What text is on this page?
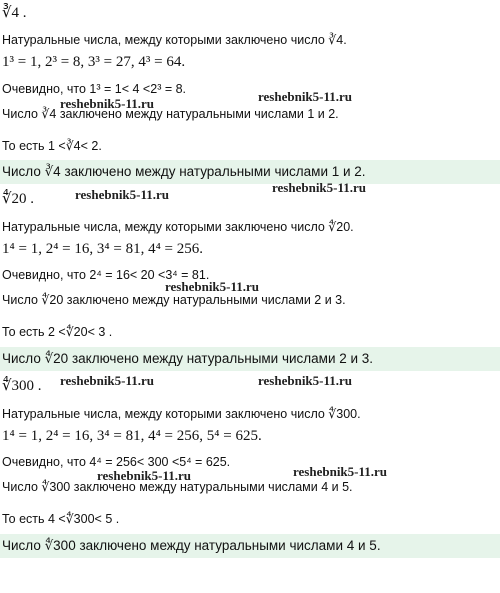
∛4 .
Натуральные числа, между которыми заключено число ∛4.
1³ = 1, 2³ = 8, 3³ = 27, 4³ = 64.
Очевидно, что 1³ = 1< 4 <2³ = 8.
Число ∛4 заключено между натуральными числами 1 и 2.
То есть 1 <∛4< 2.
Число ∛4 заключено между натуральными числами 1 и 2.
∜20 .
Натуральные числа, между которыми заключено число ∜20.
1⁴ = 1, 2⁴ = 16, 3⁴ = 81, 4⁴ = 256.
Очевидно, что 2⁴ = 16< 20 <3⁴ = 81.
Число ∜20 заключено между натуральными числами 2 и 3.
То есть 2 <∜20< 3 .
Число ∜20 заключено между натуральными числами 2 и 3.
∜300 .
Натуральные числа, между которыми заключено число ∜300.
1⁴ = 1, 2⁴ = 16, 3⁴ = 81, 4⁴ = 256, 5⁴ = 625.
Очевидно, что 4⁴ = 256< 300 <5⁴ = 625.
Число ∜300 заключено между натуральными числами 4 и 5.
То есть 4 <∜300< 5 .
Число ∜300 заключено между натуральными числами 4 и 5.
reshebnik5-11.ru	reshebnik5-11.ru
reshebnik5-11.ru	reshebnik5-11.ru
reshebnik5-11.ru
reshebnik5-11.ru	reshebnik5-11.ru
reshebnik5-11.ru	reshebnik5-11.ru
